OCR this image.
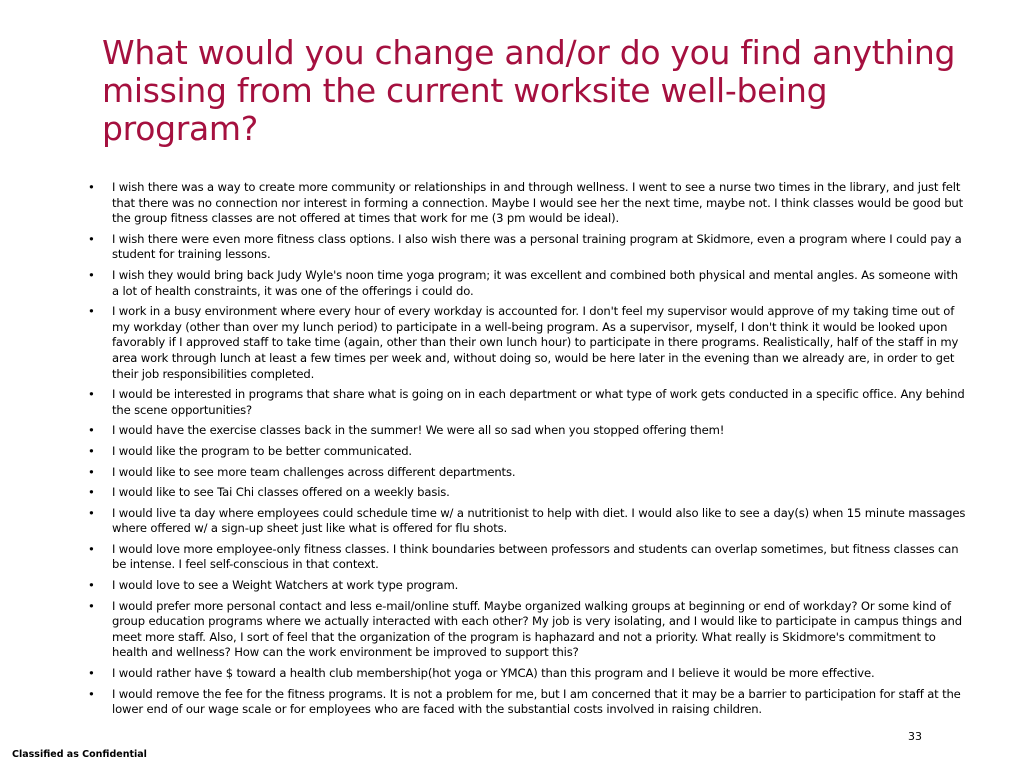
What would you change and/or do you find anything missing from the current worksite well-being program?
•	I wish there was a way to create more community or relationships in and through wellness. I went to see a nurse two times in the library, and just felt that there was no connection nor interest in forming a connection. Maybe I would see her the next time, maybe not. I think classes would be good but the group fitness classes are not offered at times that work for me (3 pm would be ideal).
•	I wish there were even more fitness class options. I also wish there was a personal training program at Skidmore, even a program where I could pay a student for training lessons.
•	I wish they would bring back Judy Wyle's noon time yoga program; it was excellent and combined both physical and mental angles. As someone with a lot of health constraints, it was one of the offerings i could do.
•	I work in a busy environment where every hour of every workday is accounted for. I don't feel my supervisor would approve of my taking time out of my workday (other than over my lunch period) to participate in a well-being program. As a supervisor, myself, I don't think it would be looked upon favorably if I approved staff to take time (again, other than their own lunch hour) to participate in there programs. Realistically, half of the staff in my area work through lunch at least a few times per week and, without doing so, would be here later in the evening than we already are, in order to get their job responsibilities completed.
•	I would be interested in programs that share what is going on in each department or what type of work gets conducted in a specific office. Any behind the scene opportunities?
•	I would have the exercise classes back in the summer! We were all so sad when you stopped offering them!
•	I would like the program to be better communicated.
•	I would like to see more team challenges across different departments.
•	I would like to see Tai Chi classes offered on a weekly basis.
•	I would live ta day where employees could schedule time w/ a nutritionist to help with diet. I would also like to see a day(s) when 15 minute massages where offered w/ a sign-up sheet just like what is offered for flu shots.
•	I would love more employee-only fitness classes. I think boundaries between professors and students can overlap sometimes, but fitness classes can be intense. I feel self-conscious in that context.
•	I would love to see a Weight Watchers at work type program.
•	I would prefer more personal contact and less e-mail/online stuff. Maybe organized walking groups at beginning or end of workday? Or some kind of group education programs where we actually interacted with each other? My job is very isolating, and I would like to participate in campus things and meet more staff. Also, I sort of feel that the organization of the program is haphazard and not a priority. What really is Skidmore's commitment to health and wellness? How can the work environment be improved to support this?
•	I would rather have $ toward a health club membership(hot yoga or YMCA) than this program and I believe it would be more effective.
•	I would remove the fee for the fitness programs. It is not a problem for me, but I am concerned that it may be a barrier to participation for staff at the lower end of our wage scale or for employees who are faced with the substantial costs involved in raising children.
33
Classified as Confidential
